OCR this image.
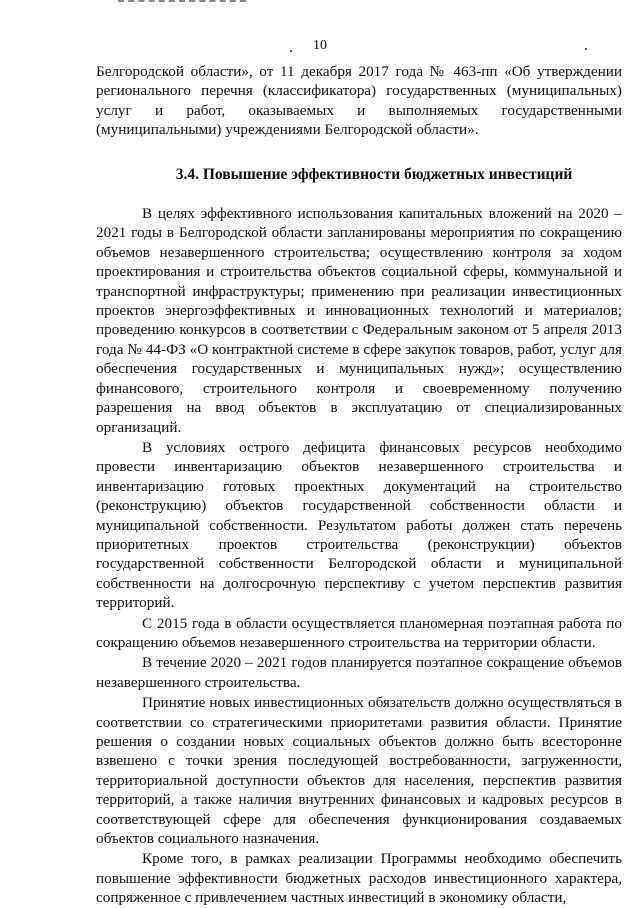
10

Белгородской области», от 11 декабря 2017 года № 463-пп «Об утверждении регионального перечня (классификатора) государственных (муниципальных) услуг и работ, оказываемых и выполняемых государственными (муниципальными) учреждениями Белгородской области».

3.4. Повышение эффективности бюджетных инвестиций

В целях эффективного использования капитальных вложений на 2020 – 2021 годы в Белгородской области запланированы мероприятия по сокращению объемов незавершенного строительства; осуществлению контроля за ходом проектирования и строительства объектов социальной сферы, коммунальной и транспортной инфраструктуры; применению при реализации инвестиционных проектов энергоэффективных и инновационных технологий и материалов; проведению конкурсов в соответствии с Федеральным законом от 5 апреля 2013 года № 44-ФЗ «О контрактной системе в сфере закупок товаров, работ, услуг для обеспечения государственных и муниципальных нужд»; осуществлению финансового, строительного контроля и своевременному получению разрешения на ввод объектов в эксплуатацию от специализированных организаций.

В условиях острого дефицита финансовых ресурсов необходимо провести инвентаризацию объектов незавершенного строительства и инвентаризацию готовых проектных документаций на строительство (реконструкцию) объектов государственной собственности области и муниципальной собственности. Результатом работы должен стать перечень приоритетных проектов строительства (реконструкции) объектов государственной собственности Белгородской области и муниципальной собственности на долгосрочную перспективу с учетом перспектив развития территорий.

С 2015 года в области осуществляется планомерная поэтапная работа по сокращению объемов незавершенного строительства на территории области.

В течение 2020 – 2021 годов планируется поэтапное сокращение объемов незавершенного строительства.

Принятие новых инвестиционных обязательств должно осуществляться в соответствии со стратегическими приоритетами развития области. Принятие решения о создании новых социальных объектов должно быть всесторонне взвешено с точки зрения последующей востребованности, загруженности, территориальной доступности объектов для населения, перспектив развития территорий, а также наличия внутренних финансовых и кадровых ресурсов в соответствующей сфере для обеспечения функционирования создаваемых объектов социального назначения.

Кроме того, в рамках реализации Программы необходимо обеспечить повышение эффективности бюджетных расходов инвестиционного характера, сопряженное с привлечением частных инвестиций в экономику области,
